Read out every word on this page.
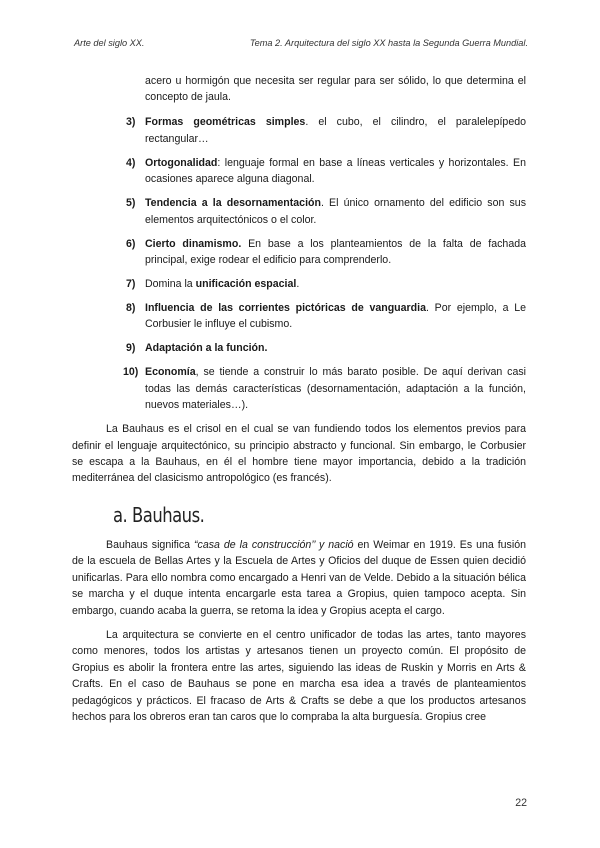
Arte del siglo XX.	Tema 2. Arquitectura del siglo XX hasta la Segunda Guerra Mundial.
acero u hormigón que necesita ser regular para ser sólido, lo que determina el concepto de jaula.
3) Formas geométricas simples. el cubo, el cilindro, el paralelepípedo rectangular…
4) Ortogonalidad: lenguaje formal en base a líneas verticales y horizontales. En ocasiones aparece alguna diagonal.
5) Tendencia a la desornamentación. El único ornamento del edificio son sus elementos arquitectónicos o el color.
6) Cierto dinamismo. En base a los planteamientos de la falta de fachada principal, exige rodear el edificio para comprenderlo.
7) Domina la unificación espacial.
8) Influencia de las corrientes pictóricas de vanguardia. Por ejemplo, a Le Corbusier le influye el cubismo.
9) Adaptación a la función.
10) Economía, se tiende a construir lo más barato posible. De aquí derivan casi todas las demás características (desornamentación, adaptación a la función, nuevos materiales…).

La Bauhaus es el crisol en el cual se van fundiendo todos los elementos previos para definir el lenguaje arquitectónico, su principio abstracto y funcional. Sin embargo, le Corbusier se escapa a la Bauhaus, en él el hombre tiene mayor importancia, debido a la tradición mediterránea del clasicismo antropológico (es francés).

a. Bauhaus.

Bauhaus significa “casa de la construcción’’ y nació en Weimar en 1919. Es una fusión de la escuela de Bellas Artes y la Escuela de Artes y Oficios del duque de Essen quien decidió unificarlas. Para ello nombra como encargado a Henri van de Velde. Debido a la situación bélica se marcha y el duque intenta encargarle esta tarea a Gropius, quien tampoco acepta. Sin embargo, cuando acaba la guerra, se retoma la idea y Gropius acepta el cargo.

La arquitectura se convierte en el centro unificador de todas las artes, tanto mayores como menores, todos los artistas y artesanos tienen un proyecto común. El propósito de Gropius es abolir la frontera entre las artes, siguiendo las ideas de Ruskin y Morris en Arts & Crafts. En el caso de Bauhaus se pone en marcha esa idea a través de planteamientos pedagógicos y prácticos. El fracaso de Arts & Crafts se debe a que los productos artesanos hechos para los obreros eran tan caros que lo compraba la alta burguesía. Gropius cree

22
